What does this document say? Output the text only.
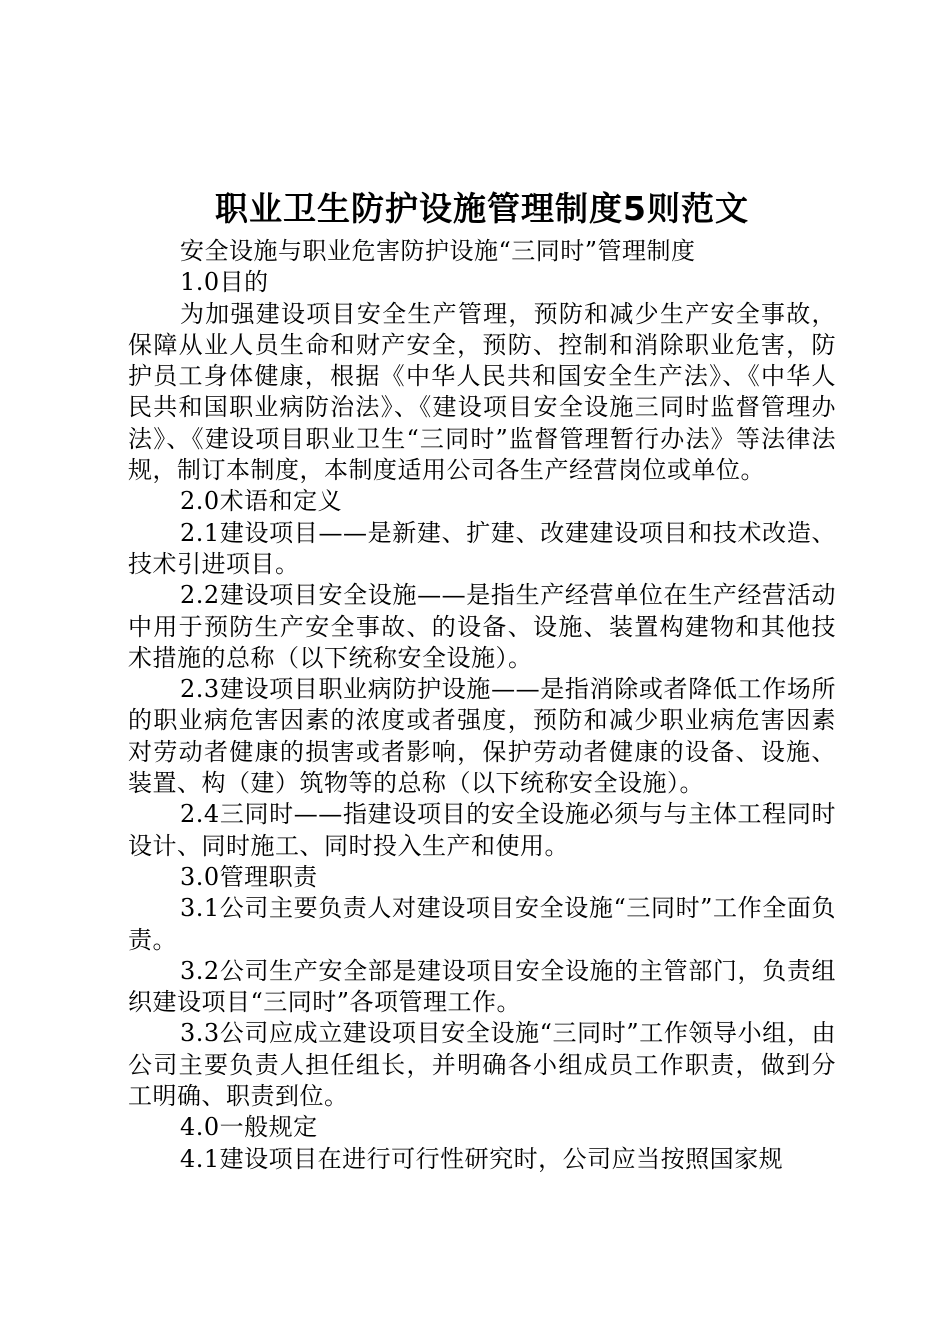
职业卫生防护设施管理制度5则范文

安全设施与职业危害防护设施“三同时”管理制度

1.0目的

为加强建设项目安全生产管理，预防和减少生产安全事故，保障从业人员生命和财产安全，预防、控制和消除职业危害，防护员工身体健康，根据《中华人民共和国安全生产法》、《中华人民共和国职业病防治法》、《建设项目安全设施三同时监督管理办法》、《建设项目职业卫生“三同时”监督管理暂行办法》等法律法规，制订本制度，本制度适用公司各生产经营岗位或单位。

2.0术语和定义

2.1建设项目——是新建、扩建、改建建设项目和技术改造、技术引进项目。

2.2建设项目安全设施——是指生产经营单位在生产经营活动中用于预防生产安全事故、的设备、设施、装置构建物和其他技术措施的总称（以下统称安全设施）。

2.3建设项目职业病防护设施——是指消除或者降低工作场所的职业病危害因素的浓度或者强度，预防和减少职业病危害因素对劳动者健康的损害或者影响，保护劳动者健康的设备、设施、装置、构（建）筑物等的总称（以下统称安全设施）。

2.4三同时——指建设项目的安全设施必须与与主体工程同时设计、同时施工、同时投入生产和使用。

3.0管理职责

3.1公司主要负责人对建设项目安全设施“三同时”工作全面负责。

3.2公司生产安全部是建设项目安全设施的主管部门，负责组织建设项目“三同时”各项管理工作。

3.3公司应成立建设项目安全设施“三同时”工作领导小组，由公司主要负责人担任组长，并明确各小组成员工作职责，做到分工明确、职责到位。

4.0一般规定

4.1建设项目在进行可行性研究时，公司应当按照国家规
